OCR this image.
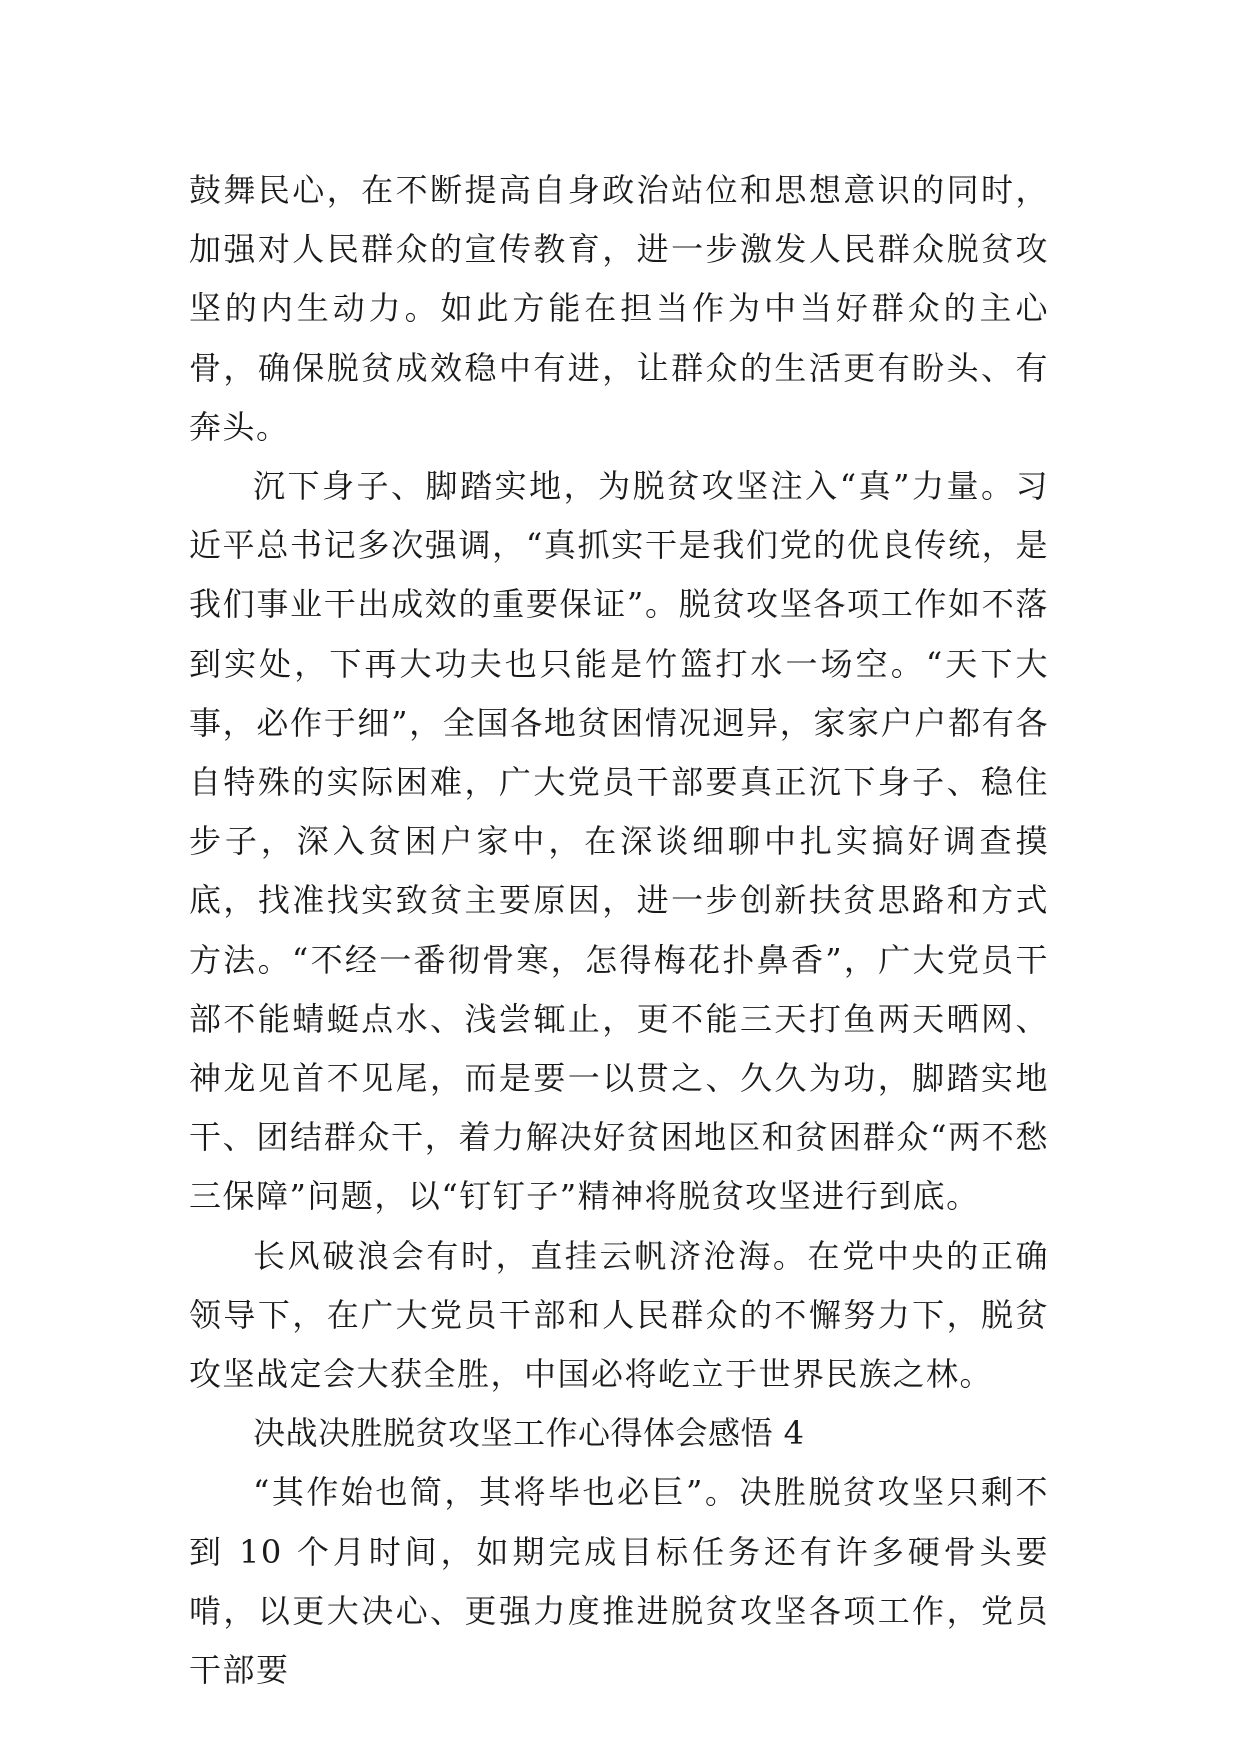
鼓舞民心，在不断提高自身政治站位和思想意识的同时，加强对人民群众的宣传教育，进一步激发人民群众脱贫攻坚的内生动力。如此方能在担当作为中当好群众的主心骨，确保脱贫成效稳中有进，让群众的生活更有盼头、有奔头。

沉下身子、脚踏实地，为脱贫攻坚注入“真”力量。习近平总书记多次强调，“真抓实干是我们党的优良传统，是我们事业干出成效的重要保证”。脱贫攻坚各项工作如不落到实处，下再大功夫也只能是竹篮打水一场空。“天下大事，必作于细”，全国各地贫困情况迥异，家家户户都有各自特殊的实际困难，广大党员干部要真正沉下身子、稳住步子，深入贫困户家中，在深谈细聊中扎实搞好调查摸底，找准找实致贫主要原因，进一步创新扶贫思路和方式方法。“不经一番彻骨寒，怎得梅花扑鼻香”，广大党员干部不能蜻蜓点水、浅尝辄止，更不能三天打鱼两天晒网、神龙见首不见尾，而是要一以贯之、久久为功，脚踏实地干、团结群众干，着力解决好贫困地区和贫困群众“两不愁三保障”问题，以“钉钉子”精神将脱贫攻坚进行到底。

长风破浪会有时，直挂云帆济沧海。在党中央的正确领导下，在广大党员干部和人民群众的不懈努力下，脱贫攻坚战定会大获全胜，中国必将屹立于世界民族之林。

决战决胜脱贫攻坚工作心得体会感悟 4

“其作始也简，其将毕也必巨”。决胜脱贫攻坚只剩不到 10 个月时间，如期完成目标任务还有许多硬骨头要啃，以更大决心、更强力度推进脱贫攻坚各项工作，党员干部要
